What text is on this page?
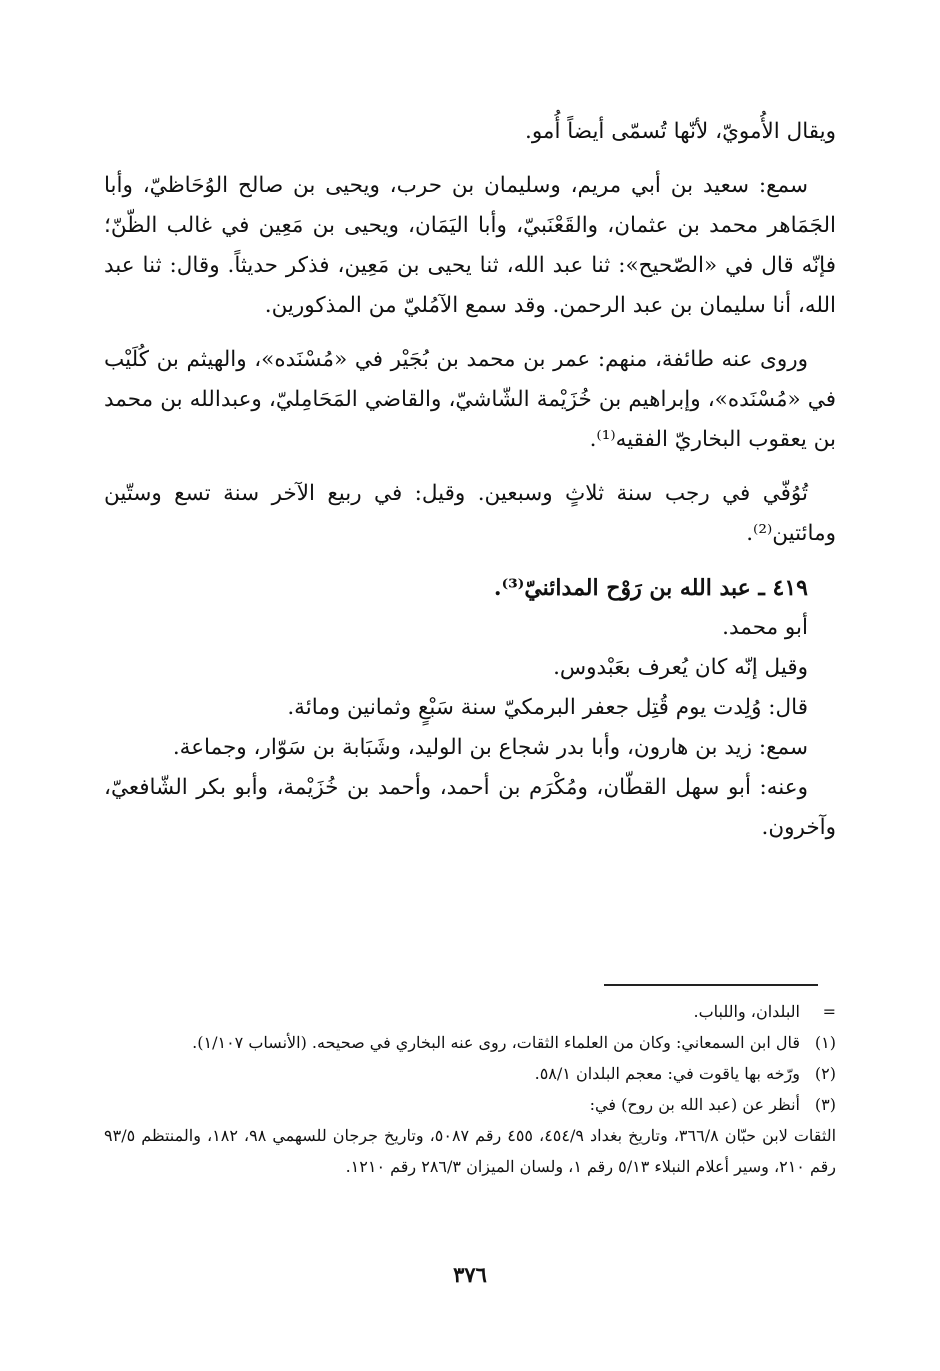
ويقال الأُمويّ، لأنّها تُسمّى أيضاً أُمو.

سمع: سعيد بن أبي مريم، وسليمان بن حرب، ويحيى بن صالح الوُحَاظيّ، وأبا الجَمَاهر محمد بن عثمان، والقَعْنَبيّ، وأبا اليَمَان، ويحيى بن مَعِين في غالب الظّنّ؛ فإنّه قال في «الصّحيح»: ثنا عبد الله، ثنا يحيى بن مَعِين، فذكر حديثاً. وقال: ثنا عبد الله، أنا سليمان بن عبد الرحمن. وقد سمع الآمُليّ من المذكورين.

وروى عنه طائفة، منهم: عمر بن محمد بن بُجَيْر في «مُسْنَده»، والهيثم بن كُلَيْب في «مُسْنَده»، وإبراهيم بن خُزَيْمة الشّاشيّ، والقاضي المَحَامِليّ، وعبدالله بن محمد بن يعقوب البخاريّ الفقيه⁽¹⁾.

تُوُفّي في رجب سنة ثلاثٍ وسبعين. وقيل: في ربيع الآخر سنة تسع وستّين ومائتين⁽²⁾.

٤١٩ ـ عبد الله بن رَوْح المدائنيّ⁽³⁾.

أبو محمد.

وقيل إنّه كان يُعرف بعَبْدوس.

قال: وُلِدت يوم قُتِل جعفر البرمكيّ سنة سَبْعٍ وثمانين ومائة.

سمع: زيد بن هارون، وأبا بدر شجاع بن الوليد، وشَبَابة بن سَوّار، وجماعة.

وعنه: أبو سهل القطّان، ومُكْرَم بن أحمد، وأحمد بن خُزَيْمة، وأبو بكر الشّافعيّ، وآخرون.

=
البلدان، واللباب.
(١)
قال ابن السمعاني: وكان من العلماء الثقات، روى عنه البخاري في صحيحه. (الأنساب ١/١٠٧).
(٢)
ورّخه بها ياقوت في: معجم البلدان ٥٨/١.
(٣)
أنظر عن (عبد الله بن روح) في:

الثقات لابن حبّان ٣٦٦/٨، وتاريخ بغداد ٤٥٤/٩، ٤٥٥ رقم ٥٠٨٧، وتاريخ جرجان للسهمي ٩٨، ١٨٢، والمنتظم ٩٣/٥ رقم ٢١٠، وسير أعلام النبلاء ٥/١٣ رقم ١، ولسان الميزان ٢٨٦/٣ رقم ١٢١٠.

٣٧٦
